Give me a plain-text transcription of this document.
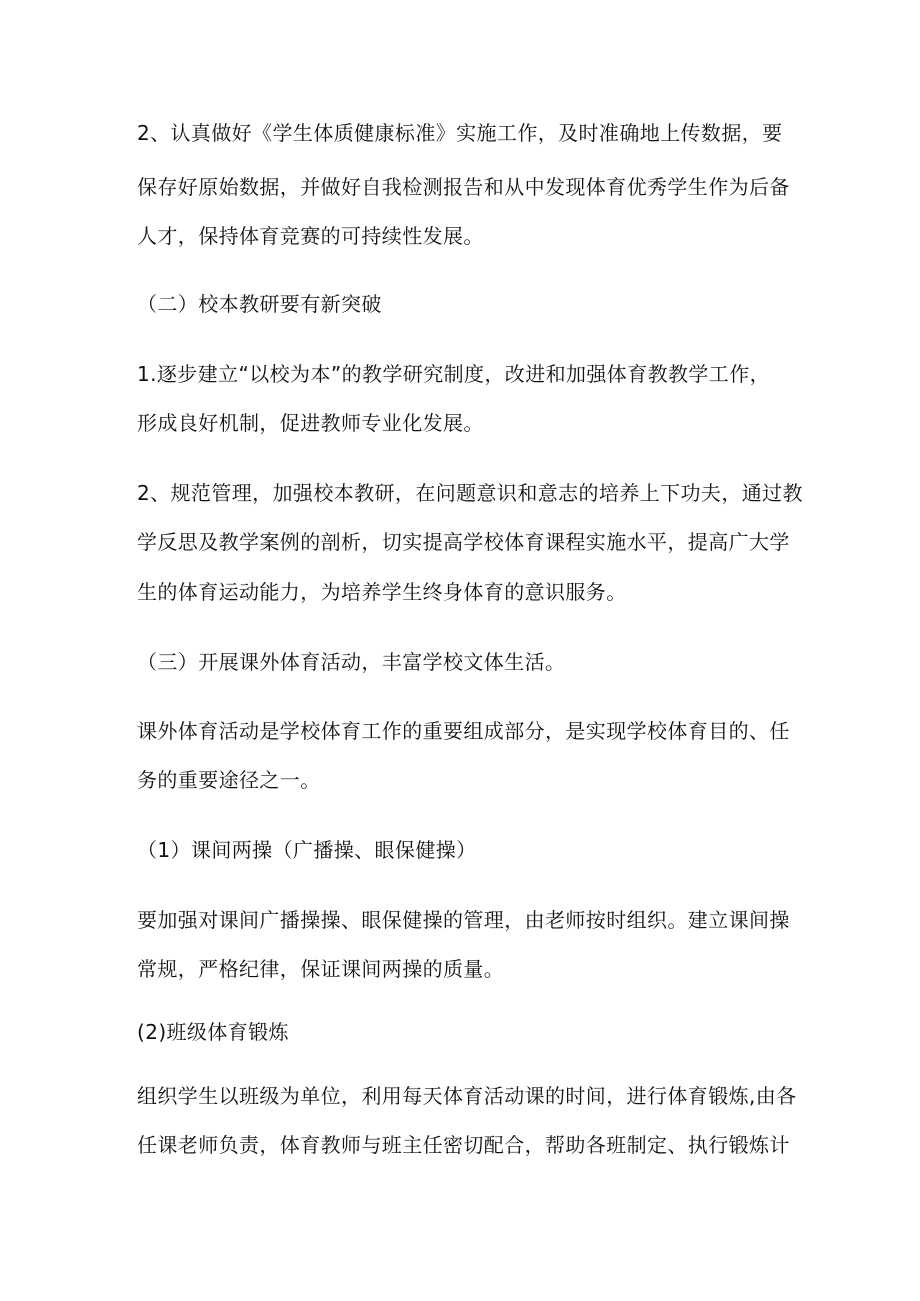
2、认真做好《学生体质健康标准》实施工作，及时准确地上传数据，要
保存好原始数据，并做好自我检测报告和从中发现体育优秀学生作为后备
人才，保持体育竞赛的可持续性发展。
（二）校本教研要有新突破
1.逐步建立“以校为本”的教学研究制度，改进和加强体育教教学工作，
形成良好机制，促进教师专业化发展。
2、规范管理，加强校本教研，在问题意识和意志的培养上下功夫，通过教
学反思及教学案例的剖析，切实提高学校体育课程实施水平，提高广大学
生的体育运动能力，为培养学生终身体育的意识服务。
（三）开展课外体育活动，丰富学校文体生活。
课外体育活动是学校体育工作的重要组成部分，是实现学校体育目的、任
务的重要途径之一。
（1）课间两操（广播操、眼保健操）
要加强对课间广播操操、眼保健操的管理，由老师按时组织。建立课间操
常规，严格纪律，保证课间两操的质量。
(2)班级体育锻炼
组织学生以班级为单位，利用每天体育活动课的时间，进行体育锻炼,由各
任课老师负责，体育教师与班主任密切配合，帮助各班制定、执行锻炼计
